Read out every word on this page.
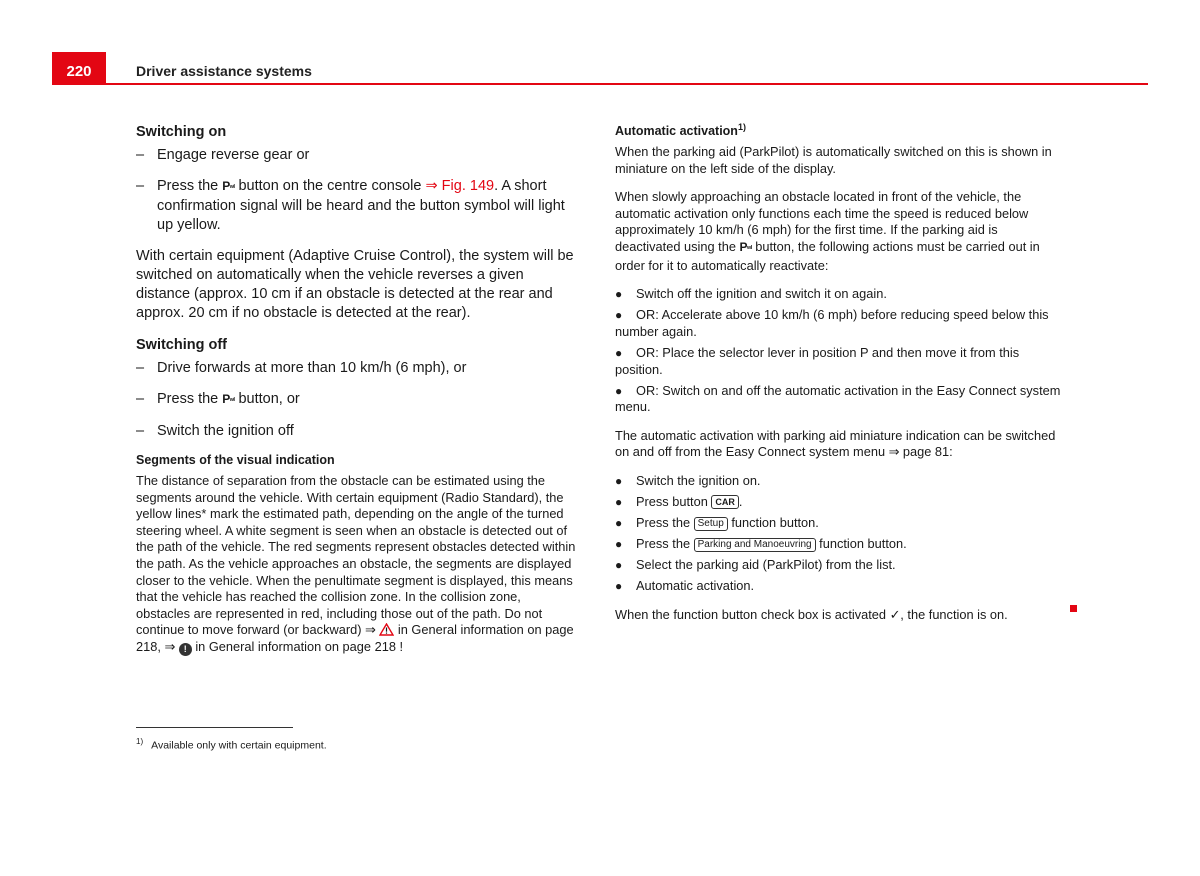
220	Driver assistance systems
Switching on
– Engage reverse gear or
– Press the Pʷᴵ button on the centre console ⇒ Fig. 149. A short confirmation signal will be heard and the button symbol will light up yellow.
With certain equipment (Adaptive Cruise Control), the system will be switched on automatically when the vehicle reverses a given distance (approx. 10 cm if an obstacle is detected at the rear and approx. 20 cm if no obstacle is detected at the rear).
Switching off
– Drive forwards at more than 10 km/h (6 mph), or
– Press the Pʷᴵ button, or
– Switch the ignition off
Segments of the visual indication
The distance of separation from the obstacle can be estimated using the segments around the vehicle. With certain equipment (Radio Standard), the yellow lines* mark the estimated path, depending on the angle of the turned steering wheel. A white segment is seen when an obstacle is detected out of the path of the vehicle. The red segments represent obstacles detected within the path. As the vehicle approaches an obstacle, the segments are displayed closer to the vehicle. When the penultimate segment is displayed, this means that the vehicle has reached the collision zone. In the collision zone, obstacles are represented in red, including those out of the path. Do not continue to move forward (or backward) ⇒ in General information on page 218, ⇒ ! in General information on page 218 !
Automatic activation$^{1)}$
When the parking aid (ParkPilot) is automatically switched on this is shown in miniature on the left side of the display.
When slowly approaching an obstacle located in front of the vehicle, the automatic activation only functions each time the speed is reduced below approximately 10 km/h (6 mph) for the first time. If the parking aid is deactivated using the Pʷᴵ button, the following actions must be carried out in order for it to automatically reactivate:
● Switch off the ignition and switch it on again.
● OR: Accelerate above 10 km/h (6 mph) before reducing speed below this number again.
● OR: Place the selector lever in position P and then move it from this position.
● OR: Switch on and off the automatic activation in the Easy Connect system menu.
The automatic activation with parking aid miniature indication can be switched on and off from the Easy Connect system menu ⇒ page 81:
● Switch the ignition on.
● Press button CAR .
● Press the Setup function button.
● Press the Parking and Manoeuvring function button.
● Select the parking aid (ParkPilot) from the list.
● Automatic activation.
When the function button check box is activated ✓, the function is on.
$^{1)}$ Available only with certain equipment.
